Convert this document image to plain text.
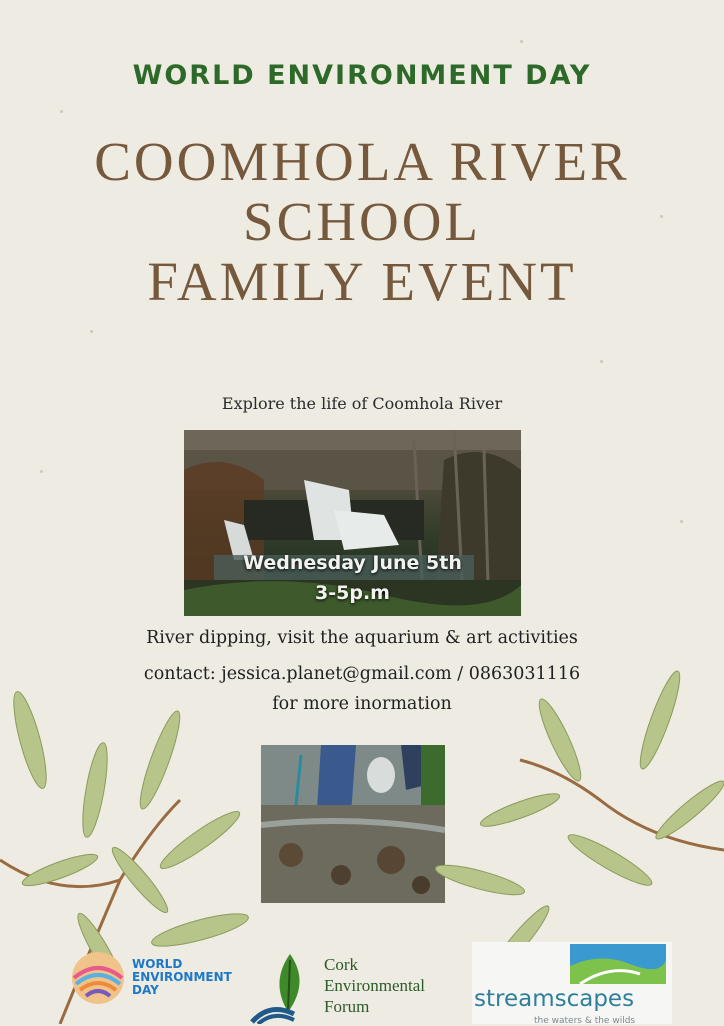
WORLD ENVIRONMENT DAY
COOMHOLA RIVER
SCHOOL
FAMILY EVENT
Explore the life of Coomhola River
Wednesday June 5th
3-5p.m
River dipping, visit the aquarium & art activities
contact: jessica.planet@gmail.com / 0863031116
for more inormation
WORLD
ENVIRONMENT
DAY
Cork
Environmental
Forum	streamscapes
the waters & the wilds
